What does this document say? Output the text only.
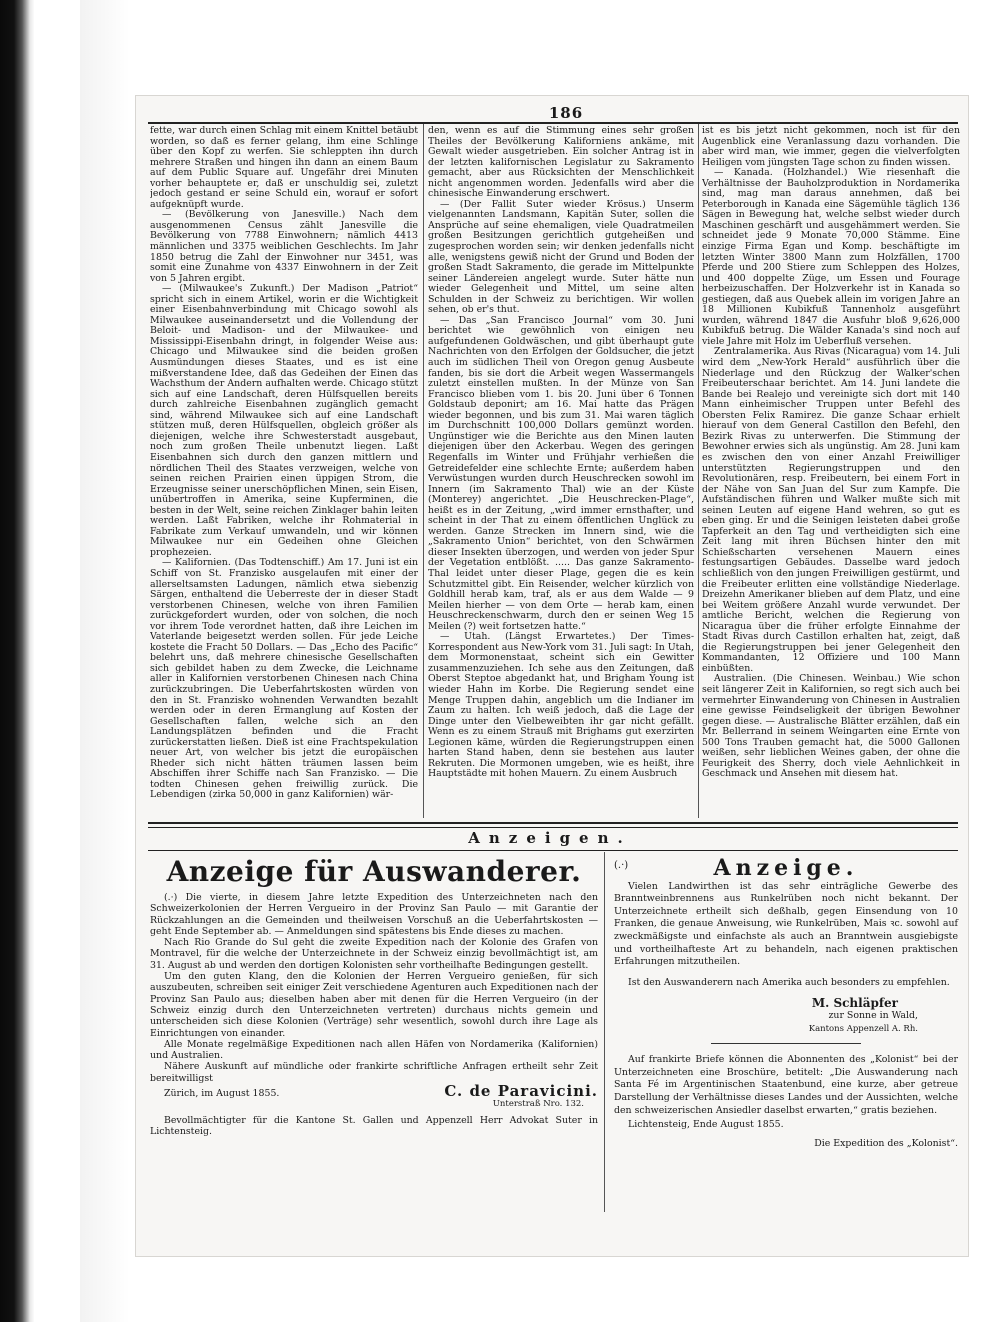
186

fette, war durch einen Schlag mit einem Knittel betäubt worden, so daß es ferner gelang, ihm eine Schlinge über den Kopf zu werfen. Sie schleppten ihn durch mehrere Straßen und hingen ihn dann an einem Baum auf dem Public Square auf. Ungefähr drei Minuten vorher behauptete er, daß er unschuldig sei, zuletzt jedoch gestand er seine Schuld ein, worauf er sofort aufgeknüpft wurde.

— (Bevölkerung von Janesville.) Nach dem ausgenommenen Census zählt Janesville die Bevölkerung von 7788 Einwohnern; nämlich 4413 männlichen und 3375 weiblichen Geschlechts. Im Jahr 1850 betrug die Zahl der Einwohner nur 3451, was somit eine Zunahme von 4337 Einwohnern in der Zeit von 5 Jahren ergibt.

— (Milwaukee's Zukunft.) Der Madison „Patriot“ spricht sich in einem Artikel, worin er die Wichtigkeit einer Eisenbahnverbindung mit Chicago sowohl als Milwaukee auseinandersetzt und die Vollendung der Beloit- und Madison- und der Milwaukee- und Mississippi-Eisenbahn dringt, in folgender Weise aus: Chicago und Milwaukee sind die beiden großen Ausmündungen dieses Staates, und es ist eine mißverstandene Idee, daß das Gedeihen der Einen das Wachsthum der Andern aufhalten werde. Chicago stützt sich auf eine Landschaft, deren Hülfsquellen bereits durch zahlreiche Eisenbahnen zugänglich gemacht sind, während Milwaukee sich auf eine Landschaft stützen muß, deren Hülfsquellen, obgleich größer als diejenigen, welche ihre Schwesterstadt ausgebaut, noch zum großen Theile unbenutzt liegen. Laßt Eisenbahnen sich durch den ganzen mittlern und nördlichen Theil des Staates verzweigen, welche von seinen reichen Prairien einen üppigen Strom, die Erzeugnisse seiner unerschöpflichen Minen, sein Eisen, unübertroffen in Amerika, seine Kupferminen, die besten in der Welt, seine reichen Zinklager bahin leiten werden. Laßt Fabriken, welche ihr Rohmaterial in Fabrikate zum Verkauf umwandeln, und wir können Milwaukee nur ein Gedeihen ohne Gleichen prophezeien.

— Kalifornien. (Das Todtenschiff.) Am 17. Juni ist ein Schiff von St. Franzisko ausgelaufen mit einer der allerseltsamsten Ladungen, nämlich etwa siebenzig Särgen, enthaltend die Ueberreste der in dieser Stadt verstorbenen Chinesen, welche von ihren Familien zurückgefordert wurden, oder von solchen, die noch vor ihrem Tode verordnet hatten, daß ihre Leichen im Vaterlande beigesetzt werden sollen. Für jede Leiche kostete die Fracht 50 Dollars. — Das „Echo des Pacific“ belehrt uns, daß mehrere chinesische Gesellschaften sich gebildet haben zu dem Zwecke, die Leichname aller in Kalifornien verstorbenen Chinesen nach China zurückzubringen. Die Ueberfahrtskosten würden von den in St. Franzisko wohnenden Verwandten bezahlt werden oder in deren Ermanglung auf Kosten der Gesellschaften fallen, welche sich an den Landungsplätzen befinden und die Fracht zurückerstatten ließen. Dieß ist eine Frachtspekulation neuer Art, von welcher bis jetzt die europäischen Rheder sich nicht hätten träumen lassen beim Abschiffen ihrer Schiffe nach San Franzisko. — Die todten Chinesen gehen freiwillig zurück. Die Lebendigen (zirka 50,000 in ganz Kalifornien) wär-

den, wenn es auf die Stimmung eines sehr großen Theiles der Bevölkerung Kaliforniens ankäme, mit Gewalt wieder ausgetrieben. Ein solcher Antrag ist in der letzten kalifornischen Legislatur zu Sakramento gemacht, aber aus Rücksichten der Menschlichkeit nicht angenommen worden. Jedenfalls wird aber die chinesische Einwanderung erschwert.

— (Der Fallit Suter wieder Krösus.) Unserm vielgenannten Landsmann, Kapitän Suter, sollen die Ansprüche auf seine ehemaligen, viele Quadratmeilen großen Besitzungen gerichtlich gutgeheißen und zugesprochen worden sein; wir denken jedenfalls nicht alle, wenigstens gewiß nicht der Grund und Boden der großen Stadt Sakramento, die gerade im Mittelpunkte seiner Ländereien angelegt wurde. Suter hätte nun wieder Gelegenheit und Mittel, um seine alten Schulden in der Schweiz zu berichtigen. Wir wollen sehen, ob er's thut.

— Das „San Francisco Journal“ vom 30. Juni berichtet wie gewöhnlich von einigen neu aufgefundenen Goldwäschen, und gibt überhaupt gute Nachrichten von den Erfolgen der Goldsucher, die jetzt auch im südlichen Theil von Oregon genug Ausbeute fanden, bis sie dort die Arbeit wegen Wassermangels zuletzt einstellen mußten. In der Münze von San Francisco blieben vom 1. bis 20. Juni über 6 Tonnen Goldstaub deponirt; am 16. Mai hatte das Prägen wieder begonnen, und bis zum 31. Mai waren täglich im Durchschnitt 100,000 Dollars gemünzt worden. Ungünstiger wie die Berichte aus den Minen lauten diejenigen über den Ackerbau. Wegen des geringen Regenfalls im Winter und Frühjahr verhießen die Getreidefelder eine schlechte Ernte; außerdem haben Verwüstungen wurden durch Heuschrecken sowohl im Innern (im Sakramento Thal) wie an der Küste (Monterey) angerichtet. „Die Heuschrecken-Plage“, heißt es in der Zeitung, „wird immer ernsthafter, und scheint in der That zu einem öffentlichen Unglück zu werden. Ganze Strecken im Innern sind, wie die „Sakramento Union“ berichtet, von den Schwärmen dieser Insekten überzogen, und werden von jeder Spur der Vegetation entblößt. ..... Das ganze Sakramento-Thal leidet unter dieser Plage, gegen die es kein Schutzmittel gibt. Ein Reisender, welcher kürzlich von Goldhill herab kam, traf, als er aus dem Walde — 9 Meilen hierher — von dem Orte — herab kam, einen Heuschreckenschwarm, durch den er seinen Weg 15 Meilen (?) weit fortsetzen hatte.“

— Utah. (Längst Erwartetes.) Der Times-Korrespondent aus New-York vom 31. Juli sagt: In Utah, dem Mormonenstaat, scheint sich ein Gewitter zusammenzuziehen. Ich sehe aus den Zeitungen, daß Oberst Steptoe abgedankt hat, und Brigham Young ist wieder Hahn im Korbe. Die Regierung sendet eine Menge Truppen dahin, angeblich um die Indianer im Zaum zu halten. Ich weiß jedoch, daß die Lage der Dinge unter den Vielbeweibten ihr gar nicht gefällt. Wenn es zu einem Strauß mit Brighams gut exerzirten Legionen käme, würden die Regierungstruppen einen harten Stand haben, denn sie bestehen aus lauter Rekruten. Die Mormonen umgeben, wie es heißt, ihre Hauptstädte mit hohen Mauern. Zu einem Ausbruch

ist es bis jetzt nicht gekommen, noch ist für den Augenblick eine Veranlassung dazu vorhanden. Die aber wird man, wie immer, gegen die vielverfolgten Heiligen vom jüngsten Tage schon zu finden wissen.

— Kanada. (Holzhandel.) Wie riesenhaft die Verhältnisse der Bauholzproduktion in Nordamerika sind, mag man daraus annehmen, daß bei Peterborough in Kanada eine Sägemühle täglich 136 Sägen in Bewegung hat, welche selbst wieder durch Maschinen geschärft und ausgehämmert werden. Sie schneidet jede 9 Monate 70,000 Stämme. Eine einzige Firma Egan und Komp. beschäftigte im letzten Winter 3800 Mann zum Holzfällen, 1700 Pferde und 200 Stiere zum Schleppen des Holzes, und 400 doppelte Züge, um Essen und Fourage herbeizuschaffen. Der Holzverkehr ist in Kanada so gestiegen, daß aus Quebek allein im vorigen Jahre an 18 Millionen Kubikfuß Tannenholz ausgeführt wurden, während 1847 die Ausfuhr bloß 9,626,000 Kubikfuß betrug. Die Wälder Kanada's sind noch auf viele Jahre mit Holz im Ueberfluß versehen.

Zentralamerika. Aus Rivas (Nicaragua) vom 14. Juli wird dem „New-York Herald“ ausführlich über die Niederlage und den Rückzug der Walker'schen Freibeuterschaar berichtet. Am 14. Juni landete die Bande bei Realejo und vereinigte sich dort mit 140 Mann einheimischer Truppen unter Befehl des Obersten Felix Ramirez. Die ganze Schaar erhielt hierauf von dem General Castillon den Befehl, den Bezirk Rivas zu unterwerfen. Die Stimmung der Bewohner erwies sich als ungünstig. Am 28. Juni kam es zwischen den von einer Anzahl Freiwilliger unterstützten Regierungstruppen und den Revolutionären, resp. Freibeutern, bei einem Fort in der Nähe von San Juan del Sur zum Kampfe. Die Aufständischen führen und Walker mußte sich mit seinen Leuten auf eigene Hand wehren, so gut es eben ging. Er und die Seinigen leisteten dabei große Tapferkeit an den Tag und vertheidigten sich eine Zeit lang mit ihren Büchsen hinter den mit Schießscharten versehenen Mauern eines festungsartigen Gebäudes. Dasselbe ward jedoch schließlich von den jungen Freiwilligen gestürmt, und die Freibeuter erlitten eine vollständige Niederlage. Dreizehn Amerikaner blieben auf dem Platz, und eine bei Weitem größere Anzahl wurde verwundet. Der amtliche Bericht, welchen die Regierung von Nicaragua über die früher erfolgte Einnahme der Stadt Rivas durch Castillon erhalten hat, zeigt, daß die Regierungstruppen bei jener Gelegenheit den Kommandanten, 12 Offiziere und 100 Mann einbüßten.

Australien. (Die Chinesen. Weinbau.) Wie schon seit längerer Zeit in Kalifornien, so regt sich auch bei vermehrter Einwanderung von Chinesen in Australien eine gewisse Feindseligkeit der übrigen Bewohner gegen diese. — Australische Blätter erzählen, daß ein Mr. Bellerrand in seinem Weingarten eine Ernte von 500 Tons Trauben gemacht hat, die 5000 Gallonen weißen, sehr lieblichen Weines gaben, der ohne die Feurigkeit des Sherry, doch viele Aehnlichkeit in Geschmack und Ansehen mit diesem hat.

Anzeigen.
Anzeige für Auswanderer.

(.·) Die vierte, in diesem Jahre letzte Expedition des Unterzeichneten nach den Schweizerkolonien der Herren Vergueiro in der Provinz San Paulo — mit Garantie der Rückzahlungen an die Gemeinden und theilweisen Vorschuß an die Ueberfahrtskosten — geht Ende September ab. — Anmeldungen sind spätestens bis Ende dieses zu machen.

Nach Rio Grande do Sul geht die zweite Expedition nach der Kolonie des Grafen von Montravel, für die welche der Unterzeichnete in der Schweiz einzig bevollmächtigt ist, am 31. August ab und werden den dortigen Kolonisten sehr vortheilhafte Bedingungen gestellt.

Um den guten Klang, den die Kolonien der Herren Vergueiro genießen, für sich auszubeuten, schreiben seit einiger Zeit verschiedene Agenturen auch Expeditionen nach der Provinz San Paulo aus; dieselben haben aber mit denen für die Herren Vergueiro (in der Schweiz einzig durch den Unterzeichneten vertreten) durchaus nichts gemein und unterscheiden sich diese Kolonien (Verträge) sehr wesentlich, sowohl durch ihre Lage als Einrichtungen von einander.

Alle Monate regelmäßige Expeditionen nach allen Häfen von Nordamerika (Kalifornien) und Australien.

Nähere Auskunft auf mündliche oder frankirte schriftliche Anfragen ertheilt sehr Zeit bereitwilligst

Zürich, im August 1855.	C. de Paravicini.
Unterstraß Nro. 132.

Bevollmächtigter für die Kantone St. Gallen und Appenzell Herr Advokat Suter in Lichtensteig.

(.·)	Anzeige.

Vielen Landwirthen ist das sehr einträgliche Gewerbe des Branntweinbrennens aus Runkelrüben noch nicht bekannt. Der Unterzeichnete ertheilt sich deßhalb, gegen Einsendung von 10 Franken, die genaue Anweisung, wie Runkelrüben, Mais ꝛc. sowohl auf zweckmäßigste und einfachste als auch an Branntwein ausgiebigste und vortheilhafteste Art zu behandeln, nach eigenen praktischen Erfahrungen mitzutheilen.

Ist den Auswanderern nach Amerika auch besonders zu empfehlen.

M. Schläpfer
zur Sonne in Wald,
Kantons Appenzell A. Rh.

Auf frankirte Briefe können die Abonnenten des „Kolonist“ bei der Unterzeichneten eine Broschüre, betitelt: „Die Auswanderung nach Santa Fé im Argentinischen Staatenbund, eine kurze, aber getreue Darstellung der Verhältnisse dieses Landes und der Aussichten, welche den schweizerischen Ansiedler daselbst erwarten,“ gratis beziehen.

Lichtensteig, Ende August 1855.
Die Expedition des „Kolonist“.
